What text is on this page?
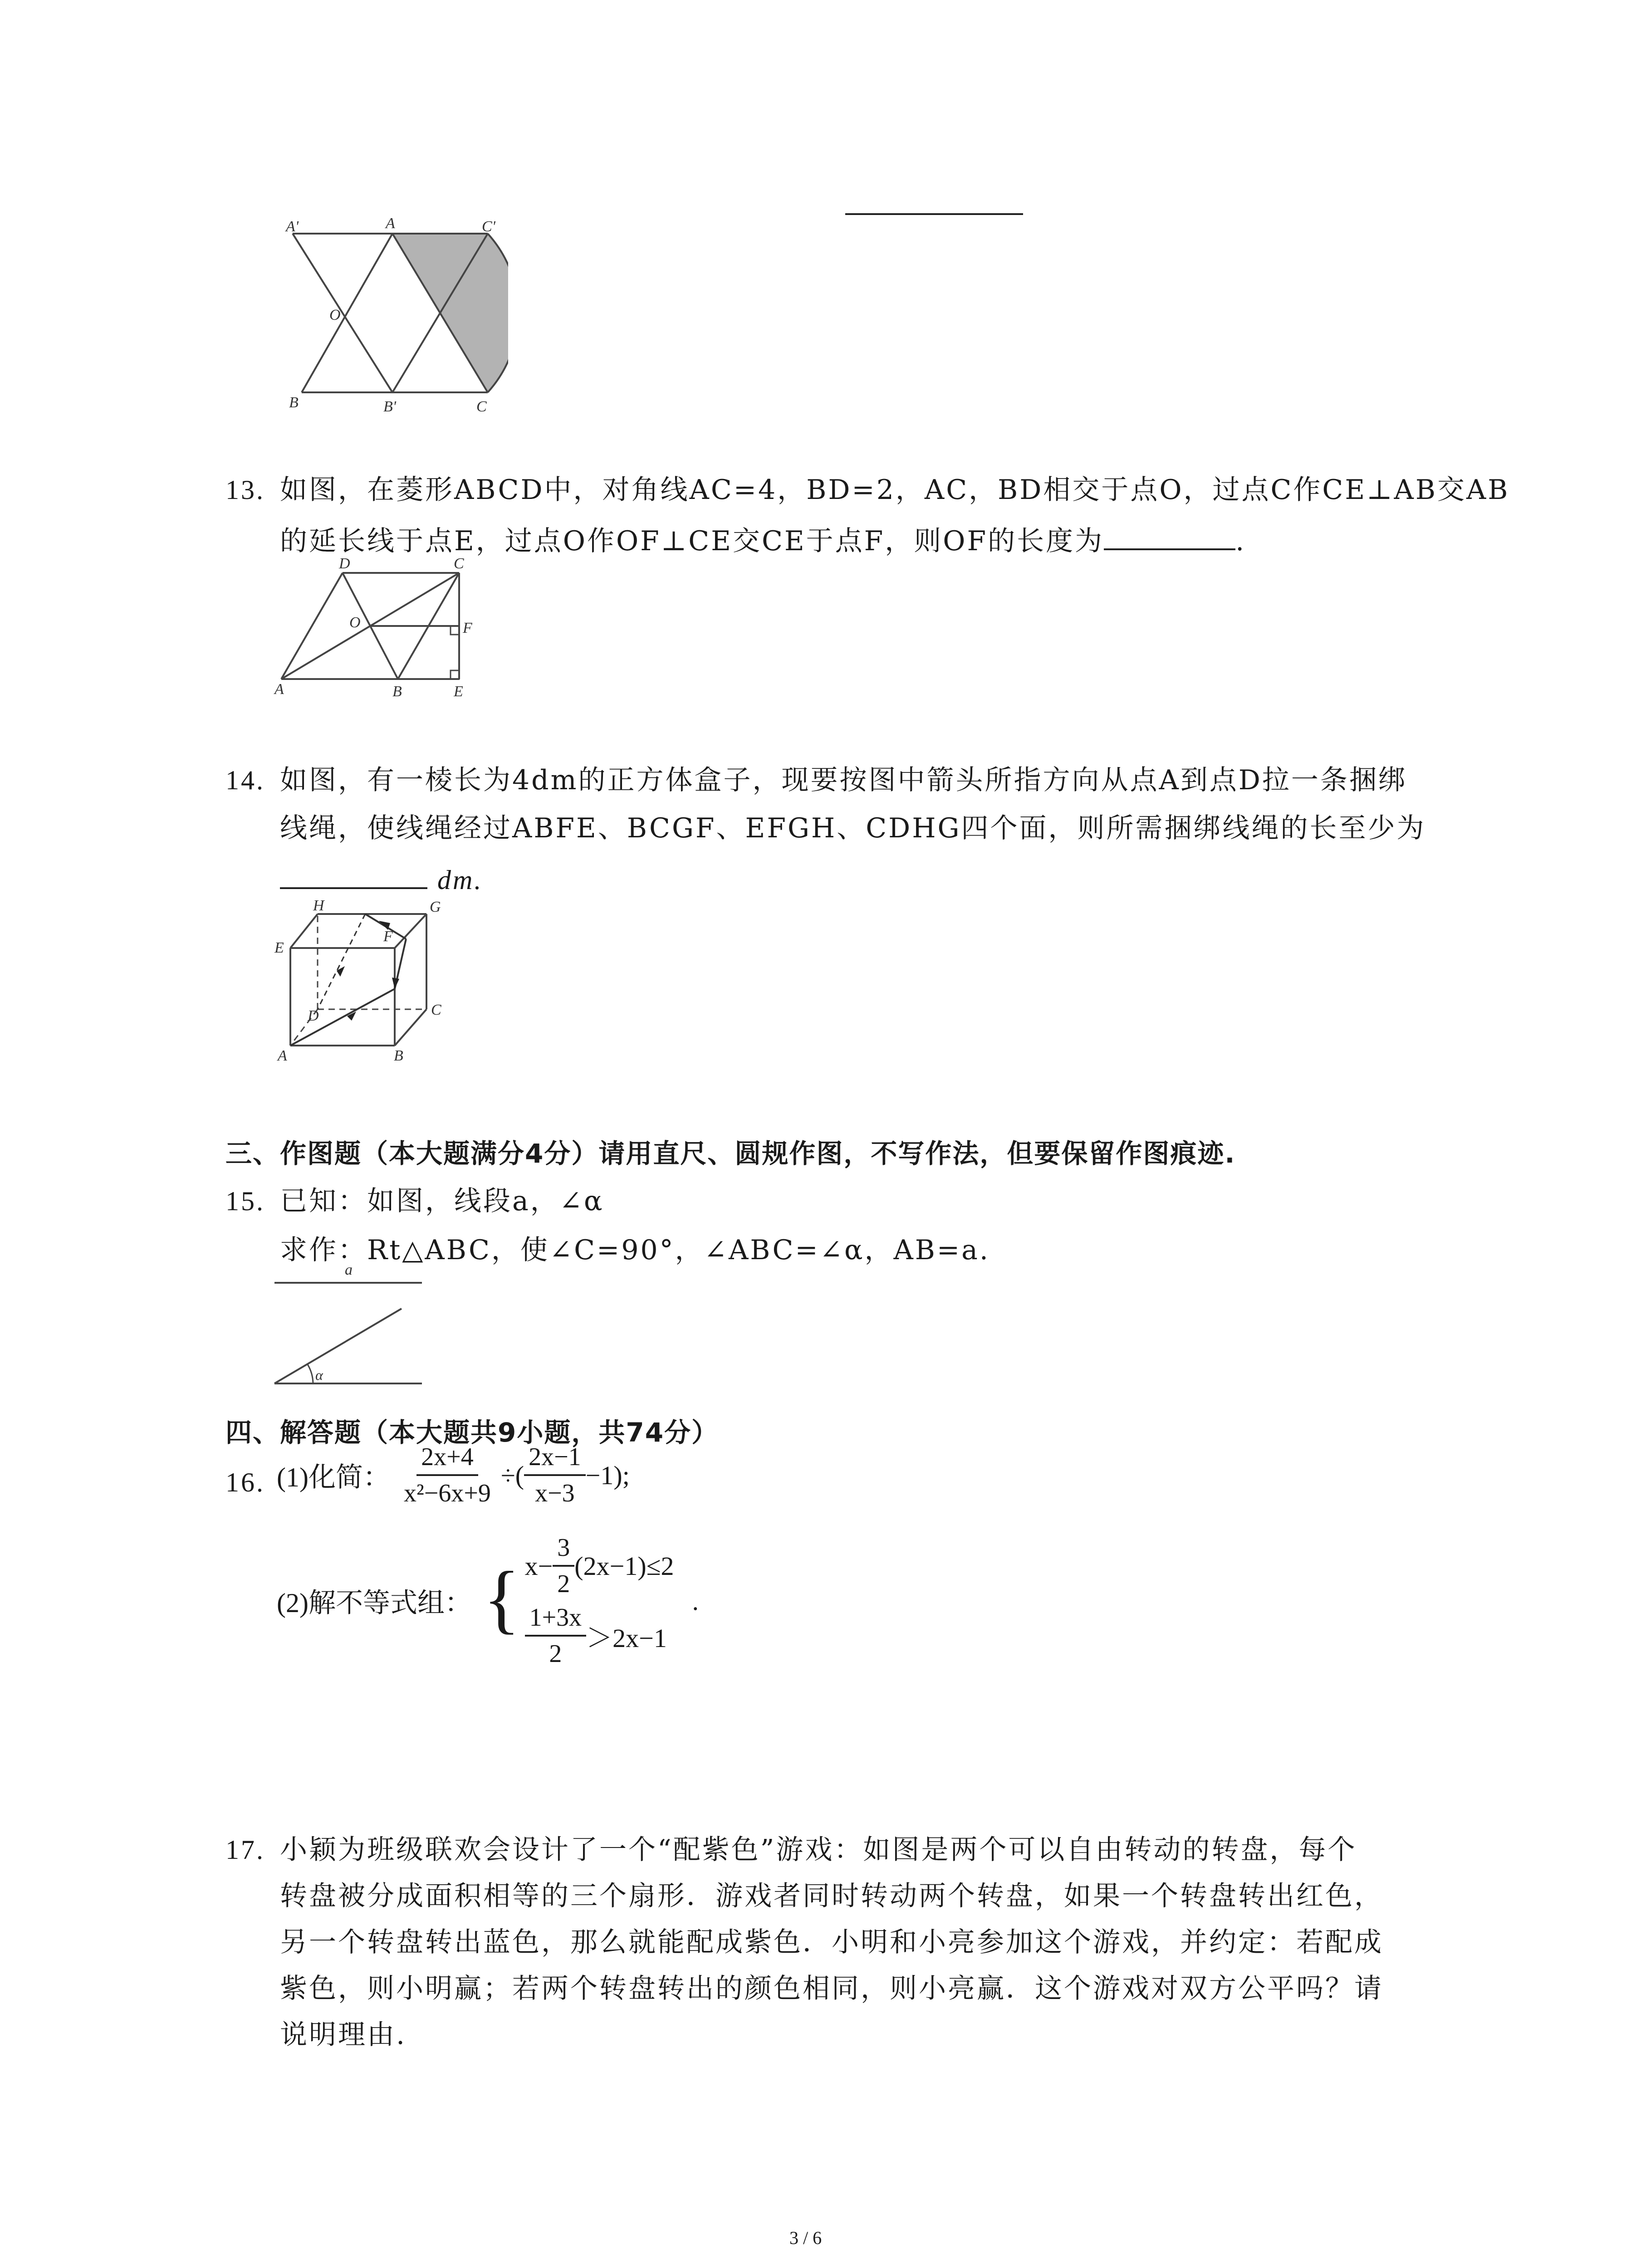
A'	A	C'
O
B	B'	C
13. 如图，在菱形ABCD中，对角线AC=4，BD=2，AC，BD相交于点O，过点C作CE⊥AB交AB
的延长线于点E，过点O作OF⊥CE交CE于点F，则OF的长度为	.
D	C
O	F
A	B	E
14. 如图，有一棱长为4dm的正方体盒子，现要按图中箭头所指方向从点A到点D拉一条捆绑
线绳，使线绳经过ABFE、BCGF、EFGH、CDHG四个面，则所需捆绑线绳的长至少为
dm.
H	G
E
F
D	C
A	B
三、作图题（本大题满分4分）请用直尺、圆规作图，不写作法，但要保留作图痕迹.
15. 已知：如图，线段a，∠α
求作：Rt△ABC，使∠C=90°，∠ABC=∠α，AB=a.
a
α
四、解答题（本大题共9小题，共74分）
16. (1)化简： $\frac{2x+4}{\text{x²−6x+9}}$ ÷( $\frac{2x-1}{x-3} -1$);
(2)解不等式组： { $x- \frac{3}{2} (2x-1)\le 2$
$\frac{1+3x}{2} >2x-1$
.
17. 小颖为班级联欢会设计了一个“配紫色”游戏：如图是两个可以自由转动的转盘，每个
转盘被分成面积相等的三个扇形．游戏者同时转动两个转盘，如果一个转盘转出红色，
另一个转盘转出蓝色，那么就能配成紫色．小明和小亮参加这个游戏，并约定：若配成
紫色，则小明赢；若两个转盘转出的颜色相同，则小亮赢．这个游戏对双方公平吗？请
说明理由.
3 / 6
